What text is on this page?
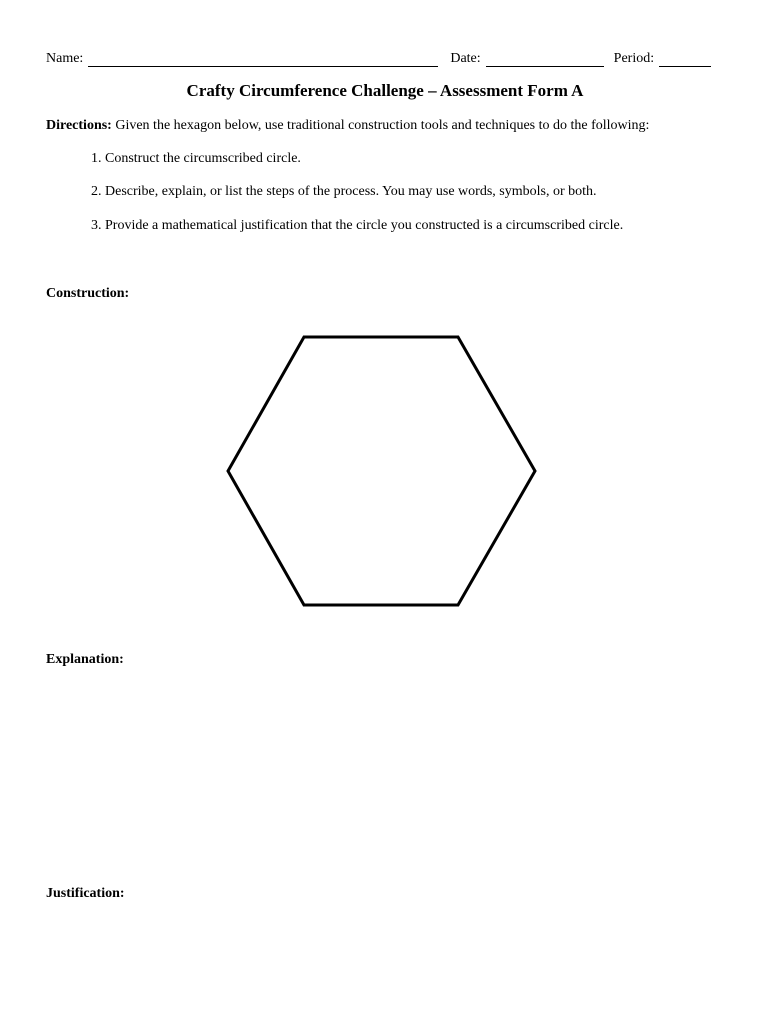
Name:	Date:	Period:
Crafty Circumference Challenge – Assessment Form A
Directions: Given the hexagon below, use traditional construction tools and techniques to do the following:
1. Construct the circumscribed circle.
2. Describe, explain, or list the steps of the process. You may use words, symbols, or both.
3. Provide a mathematical justification that the circle you constructed is a circumscribed circle.
Construction:
Explanation:
Justification:
